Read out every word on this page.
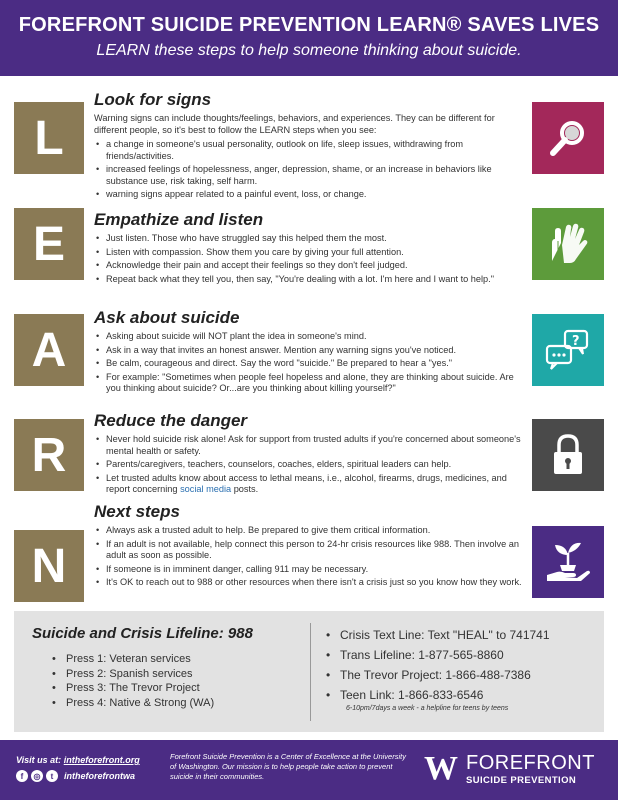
FOREFRONT SUICIDE PREVENTION LEARN® SAVES LIVES
LEARN these steps to help someone thinking about suicide.
L
Look for signs
Warning signs can include thoughts/feelings, behaviors, and experiences. They can be different for different people, so it's best to follow the LEARN steps when you see:
• a change in someone's usual personality, outlook on life, sleep issues, withdrawing from friends/activities.
• increased feelings of hopelessness, anger, depression, shame, or an increase in behaviors like substance use, risk taking, self harm.
• warning signs appear related to a painful event, loss, or change.
E	Empathize and listen
• Just listen. Those who have struggled say this helped them the most.
• Listen with compassion. Show them you care by giving your full attention.
• Acknowledge their pain and accept their feelings so they don't feel judged.
• Repeat back what they tell you, then say, "You're dealing with a lot. I'm here and I want to help."
A
Ask about suicide
• Asking about suicide will NOT plant the idea in someone's mind.
• Ask in a way that invites an honest answer. Mention any warning signs you've noticed.
• Be calm, courageous and direct. Say the word "suicide." Be prepared to hear a "yes."
• For example: "Sometimes when people feel hopeless and alone, they are thinking about suicide. Are you thinking about suicide? Or...are you thinking about killing yourself?"
?
R
Reduce the danger
• Never hold suicide risk alone! Ask for support from trusted adults if you're concerned about someone's mental health or safety.
• Parents/caregivers, teachers, counselors, coaches, elders, spiritual leaders can help.
• Let trusted adults know about access to lethal means, i.e., alcohol, firearms, drugs, medicines, and report concerning social media posts.
N
Next steps
• Always ask a trusted adult to help. Be prepared to give them critical information.
• If an adult is not available, help connect this person to 24-hr crisis resources like 988. Then involve an adult as soon as possible.
• If someone is in imminent danger, calling 911 may be necessary.
• It's OK to reach out to 988 or other resources when there isn't a crisis just so you know how they work.
Suicide and Crisis Lifeline: 988
• Press 1: Veteran services
• Press 2: Spanish services
• Press 3: The Trevor Project
• Press 4: Native & Strong (WA)
• Crisis Text Line: Text "HEAL" to 741741
• Trans Lifeline: 1-877-565-8860
• The Trevor Project: 1-866-488-7386
• Teen Link: 1-866-833-6546
6-10pm/7days a week - a helpline for teens by teens
Visit us at: intheforefront.org
f	◎	t	intheforefrontwa
Forefront Suicide Prevention is a Center of Excellence at the University of Washington. Our mission is to help people take action to prevent suicide in their communities.	W FOREFRONT
SUICIDE PREVENTION
